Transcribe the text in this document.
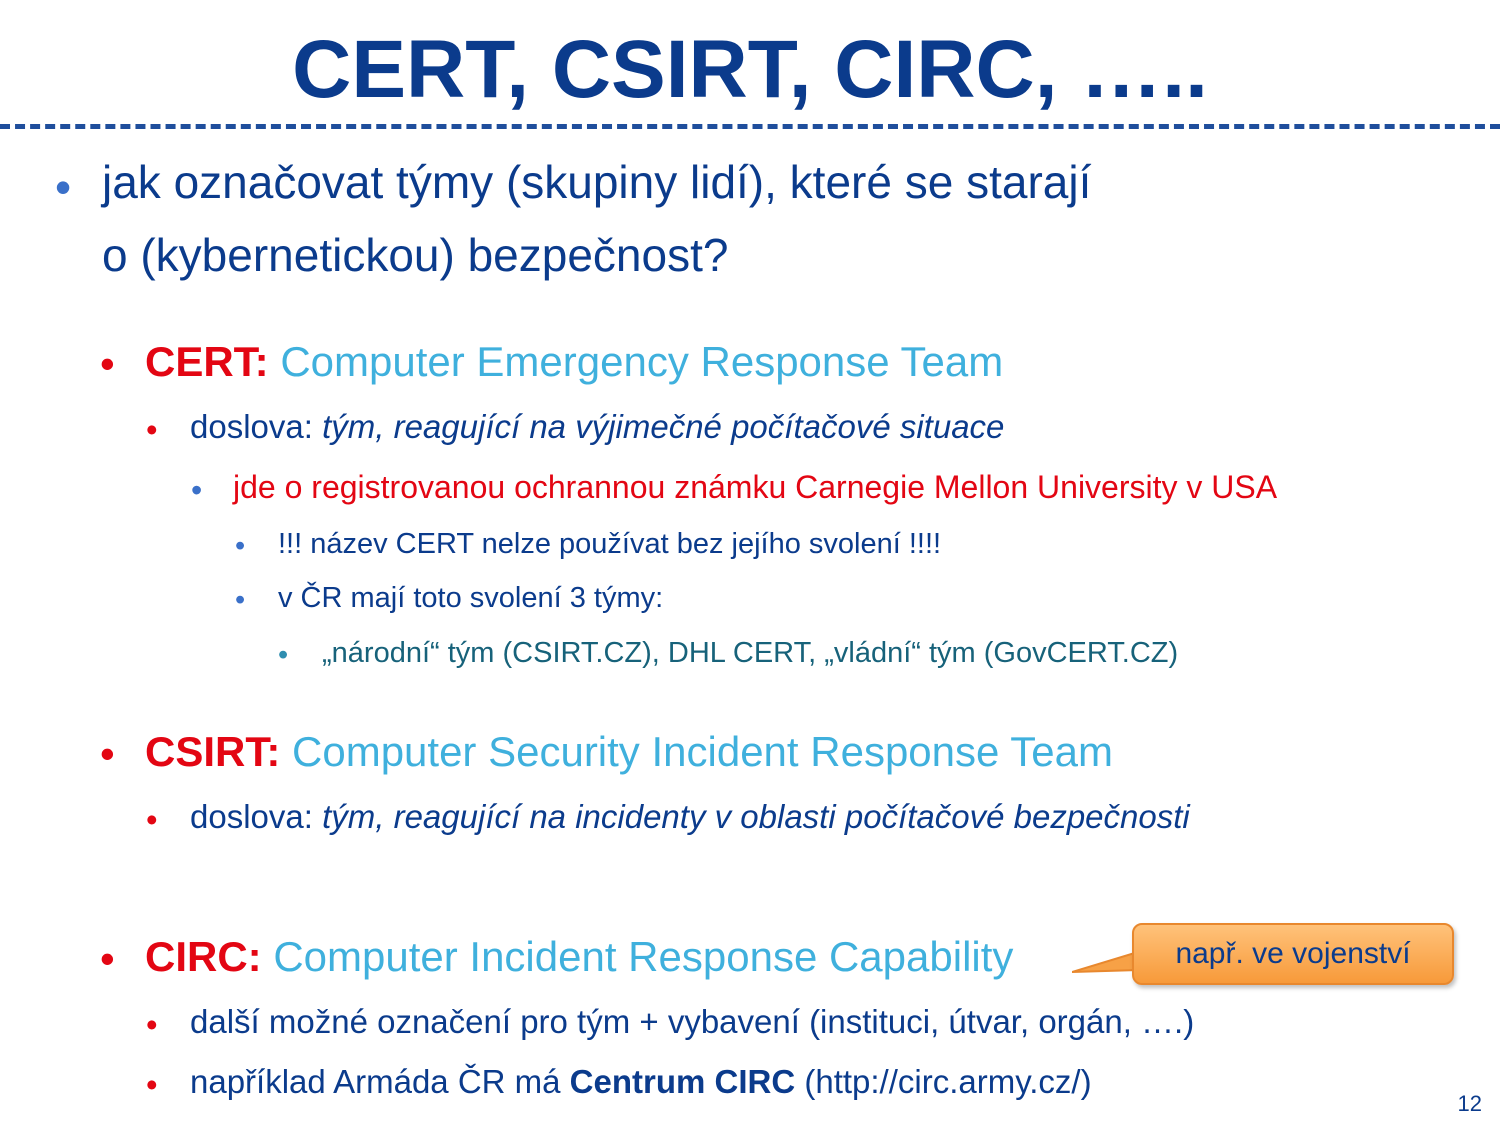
CERT, CSIRT, CIRC, …..
• jak označovat týmy (skupiny lidí), které se starají
o (kybernetickou) bezpečnost?
• CERT: Computer Emergency Response Team
• doslova: tým, reagující na výjimečné počítačové situace
• jde o registrovanou ochrannou známku Carnegie Mellon University v USA
• !!! název CERT nelze používat bez jejího svolení !!!!
• v ČR mají toto svolení 3 týmy:
• „národní“ tým (CSIRT.CZ), DHL CERT, „vládní“ tým (GovCERT.CZ)
• CSIRT: Computer Security Incident Response Team
• doslova: tým, reagující na incidenty v oblasti počítačové bezpečnosti
• CIRC: Computer Incident Response Capability
• další možné označení pro tým + vybavení (instituci, útvar, orgán, ….)
• například Armáda ČR má Centrum CIRC (http://circ.army.cz/)
např. ve vojenství
12
